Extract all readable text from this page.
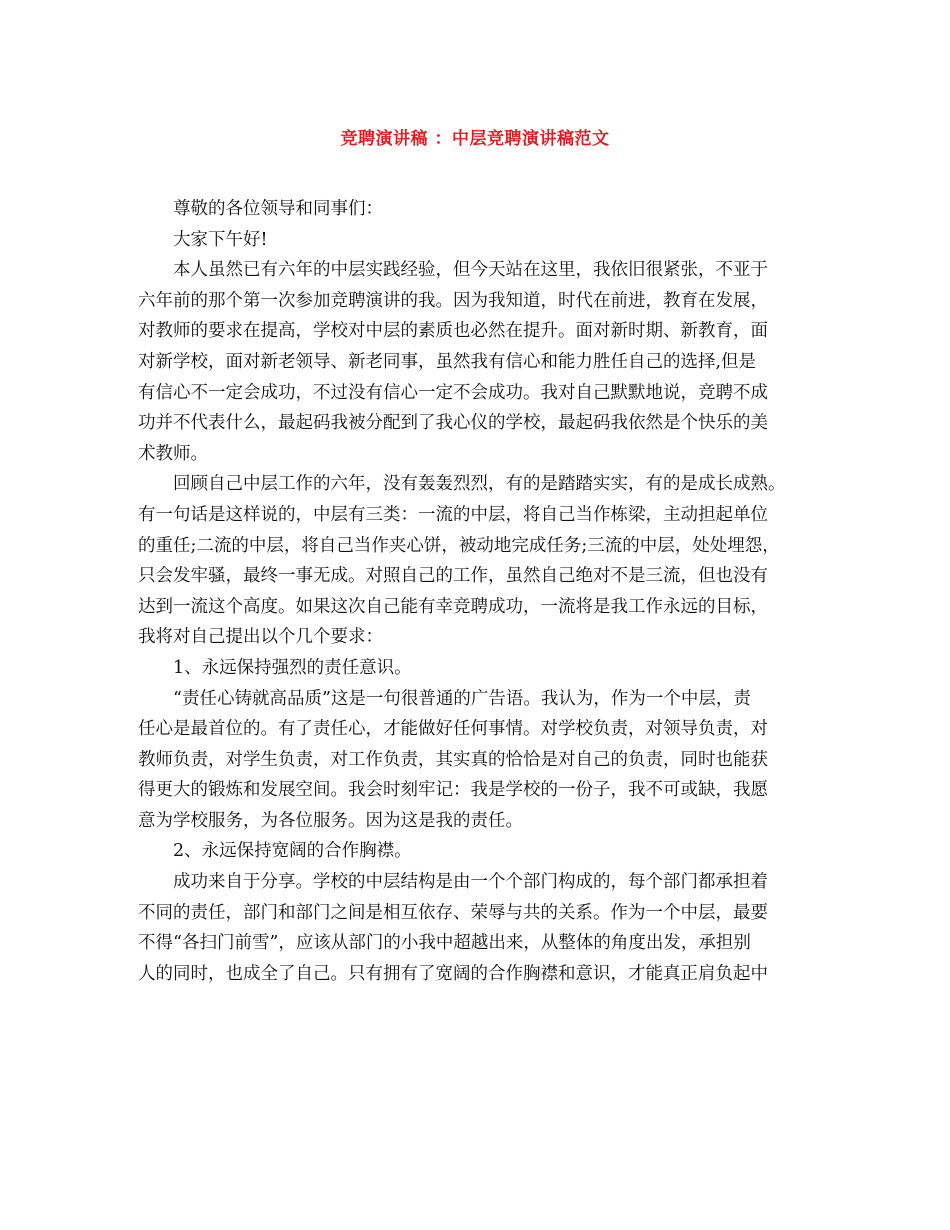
竞聘演讲稿 ：中层竞聘演讲稿范文
尊敬的各位领导和同事们：
大家下午好!
本人虽然已有六年的中层实践经验，但今天站在这里，我依旧很紧张，不亚于
六年前的那个第一次参加竞聘演讲的我。因为我知道，时代在前进，教育在发展，
对教师的要求在提高，学校对中层的素质也必然在提升。面对新时期、新教育，面
对新学校，面对新老领导、新老同事，虽然我有信心和能力胜任自己的选择,但是
有信心不一定会成功，不过没有信心一定不会成功。我对自己默默地说，竞聘不成
功并不代表什么，最起码我被分配到了我心仪的学校，最起码我依然是个快乐的美
术教师。
回顾自己中层工作的六年，没有轰轰烈烈，有的是踏踏实实，有的是成长成熟。
有一句话是这样说的，中层有三类：一流的中层，将自己当作栋梁，主动担起单位
的重任;二流的中层，将自己当作夹心饼，被动地完成任务;三流的中层，处处埋怨，
只会发牢骚，最终一事无成。对照自己的工作，虽然自己绝对不是三流，但也没有
达到一流这个高度。如果这次自己能有幸竞聘成功，一流将是我工作永远的目标，
我将对自己提出以个几个要求：
1、永远保持强烈的责任意识。
“责任心铸就高品质”这是一句很普通的广告语。我认为，作为一个中层，责
任心是最首位的。有了责任心，才能做好任何事情。对学校负责，对领导负责，对
教师负责，对学生负责，对工作负责，其实真的恰恰是对自己的负责，同时也能获
得更大的锻炼和发展空间。我会时刻牢记：我是学校的一份子，我不可或缺，我愿
意为学校服务，为各位服务。因为这是我的责任。
2、永远保持宽阔的合作胸襟。
成功来自于分享。学校的中层结构是由一个个部门构成的，每个部门都承担着
不同的责任，部门和部门之间是相互依存、荣辱与共的关系。作为一个中层，最要
不得“各扫门前雪”，应该从部门的小我中超越出来，从整体的角度出发，承担别
人的同时，也成全了自己。只有拥有了宽阔的合作胸襟和意识，才能真正肩负起中
